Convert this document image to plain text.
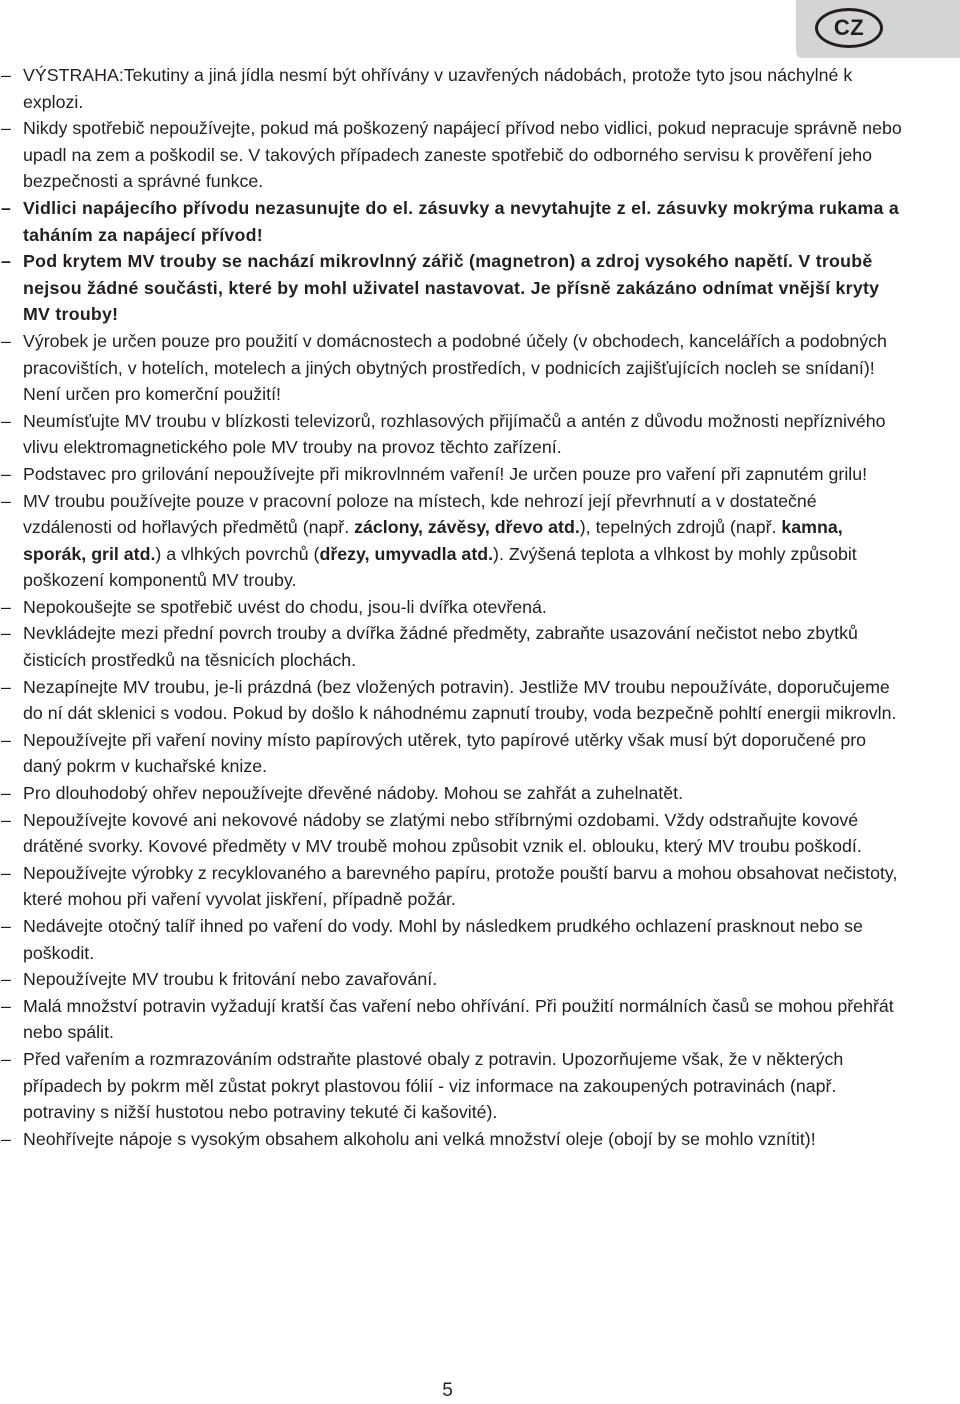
CZ
– VÝSTRAHA:Tekutiny a jiná jídla nesmí být ohřívány v uzavřených nádobách, protože tyto jsou náchylné k explozi.
– Nikdy spotřebič nepoužívejte, pokud má poškozený napájecí přívod nebo vidlici, pokud nepracuje správně nebo upadl na zem a poškodil se. V takových případech zaneste spotřebič do odborného servisu k prověření jeho bezpečnosti a správné funkce.
– Vidlici napájecího přívodu nezasunujte do el. zásuvky a nevytahujte z el. zásuvky mokrýma rukama a taháním za napájecí přívod!
– Pod krytem MV trouby se nachází mikrovlnný zářič (magnetron) a zdroj vysokého napětí. V troubě nejsou žádné součásti, které by mohl uživatel nastavovat. Je přísně zakázáno odnímat vnější kryty MV trouby!
– Výrobek je určen pouze pro použití v domácnostech a podobné účely (v obchodech, kancelářích a podobných pracovištích, v hotelích, motelech a jiných obytných prostředích, v podnicích zajišťujících nocleh se snídaní)! Není určen pro komerční použití!
– Neumísťujte MV troubu v blízkosti televizorů, rozhlasových přijímačů a antén z důvodu možnosti nepříznivého vlivu elektromagnetického pole MV trouby na provoz těchto zařízení.
– Podstavec pro grilování nepoužívejte při mikrovlnném vaření! Je určen pouze pro vaření při zapnutém grilu!
– MV troubu používejte pouze v pracovní poloze na místech, kde nehrozí její převrhnutí a v dostatečné vzdálenosti od hořlavých předmětů (např. záclony, závěsy, dřevo atd.), tepelných zdrojů (např. kamna, sporák, gril atd.) a vlhkých povrchů (dřezy, umyvadla atd.). Zvýšená teplota a vlhkost by mohly způsobit poškození komponentů MV trouby.
– Nepokoušejte se spotřebič uvést do chodu, jsou-li dvířka otevřená.
– Nevkládejte mezi přední povrch trouby a dvířka žádné předměty, zabraňte usazování nečistot nebo zbytků čisticích prostředků na těsnicích plochách.
– Nezapínejte MV troubu, je-li prázdná (bez vložených potravin). Jestliže MV troubu nepoužíváte, doporučujeme do ní dát sklenici s vodou. Pokud by došlo k náhodnému zapnutí trouby, voda bezpečně pohltí energii mikrovln.
– Nepoužívejte při vaření noviny místo papírových utěrek, tyto papírové utěrky však musí být doporučené pro daný pokrm v kuchařské knize.
– Pro dlouhodobý ohřev nepoužívejte dřevěné nádoby. Mohou se zahřát a zuhelnatět.
– Nepoužívejte kovové ani nekovové nádoby se zlatými nebo stříbrnými ozdobami. Vždy odstraňujte kovové drátěné svorky. Kovové předměty v MV troubě mohou způsobit vznik el. oblouku, který MV troubu poškodí.
– Nepoužívejte výrobky z recyklovaného a barevného papíru, protože pouští barvu a mohou obsahovat nečistoty, které mohou při vaření vyvolat jiskření, případně požár.
– Nedávejte otočný talíř ihned po vaření do vody. Mohl by následkem prudkého ochlazení prasknout nebo se poškodit.
– Nepoužívejte MV troubu k fritování nebo zavařování.
– Malá množství potravin vyžadují kratší čas vaření nebo ohřívání. Při použití normálních časů se mohou přehřát nebo spálit.
– Před vařením a rozmrazováním odstraňte plastové obaly z potravin. Upozorňujeme však, že v některých případech by pokrm měl zůstat pokryt plastovou fólií - viz informace na zakoupených potravinách (např. potraviny s nižší hustotou nebo potraviny tekuté či kašovité).
– Neohřívejte nápoje s vysokým obsahem alkoholu ani velká množství oleje (obojí by se mohlo vznítit)!
5
